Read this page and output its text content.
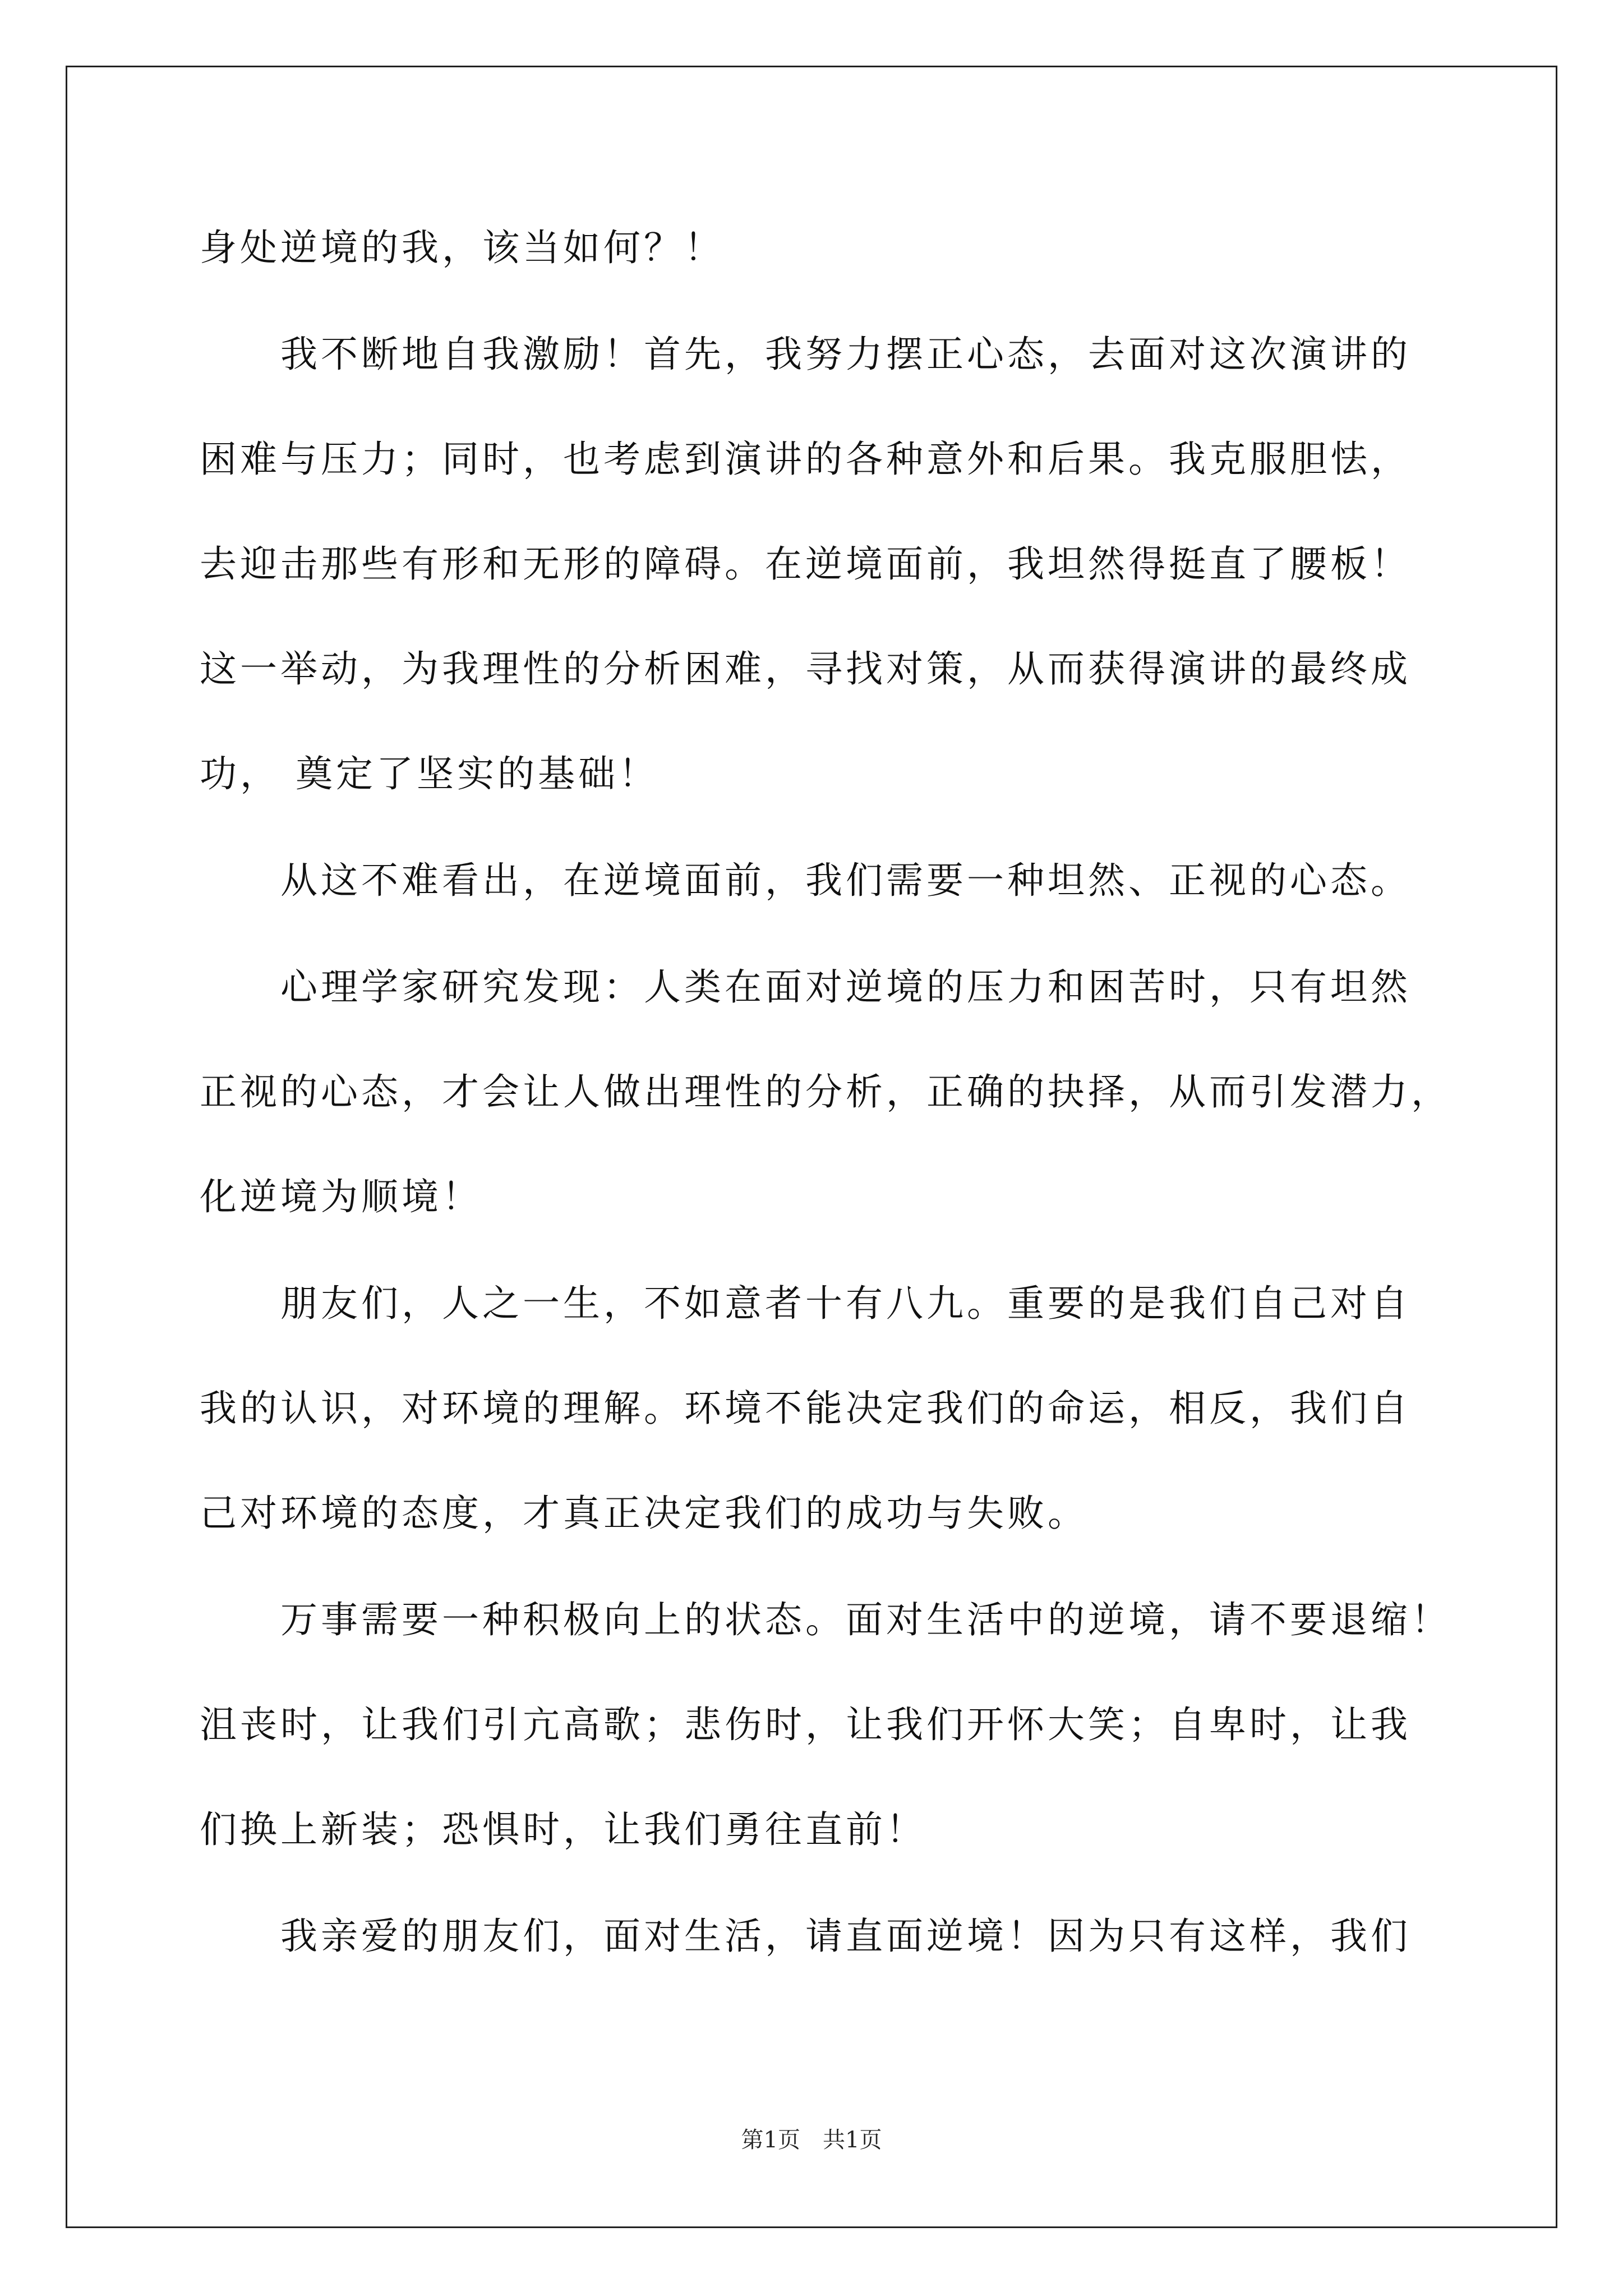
身处逆境的我，该当如何？！
我不断地自我激励！首先，我努力摆正心态，去面对这次演讲的
困难与压力；同时，也考虑到演讲的各种意外和后果。我克服胆怯，
去迎击那些有形和无形的障碍。在逆境面前，我坦然得挺直了腰板！
这一举动，为我理性的分析困难，寻找对策，从而获得演讲的最终成
功， 奠定了坚实的基础！
从这不难看出，在逆境面前，我们需要一种坦然、正视的心态。
心理学家研究发现：人类在面对逆境的压力和困苦时，只有坦然
正视的心态，才会让人做出理性的分析，正确的抉择，从而引发潜力，
化逆境为顺境！
朋友们，人之一生，不如意者十有八九。重要的是我们自己对自
我的认识，对环境的理解。环境不能决定我们的命运，相反，我们自
己对环境的态度，才真正决定我们的成功与失败。
万事需要一种积极向上的状态。面对生活中的逆境，请不要退缩！
沮丧时，让我们引亢高歌；悲伤时，让我们开怀大笑；自卑时，让我
们换上新装；恐惧时，让我们勇往直前！
我亲爱的朋友们，面对生活，请直面逆境！因为只有这样，我们
第1页 共1页
